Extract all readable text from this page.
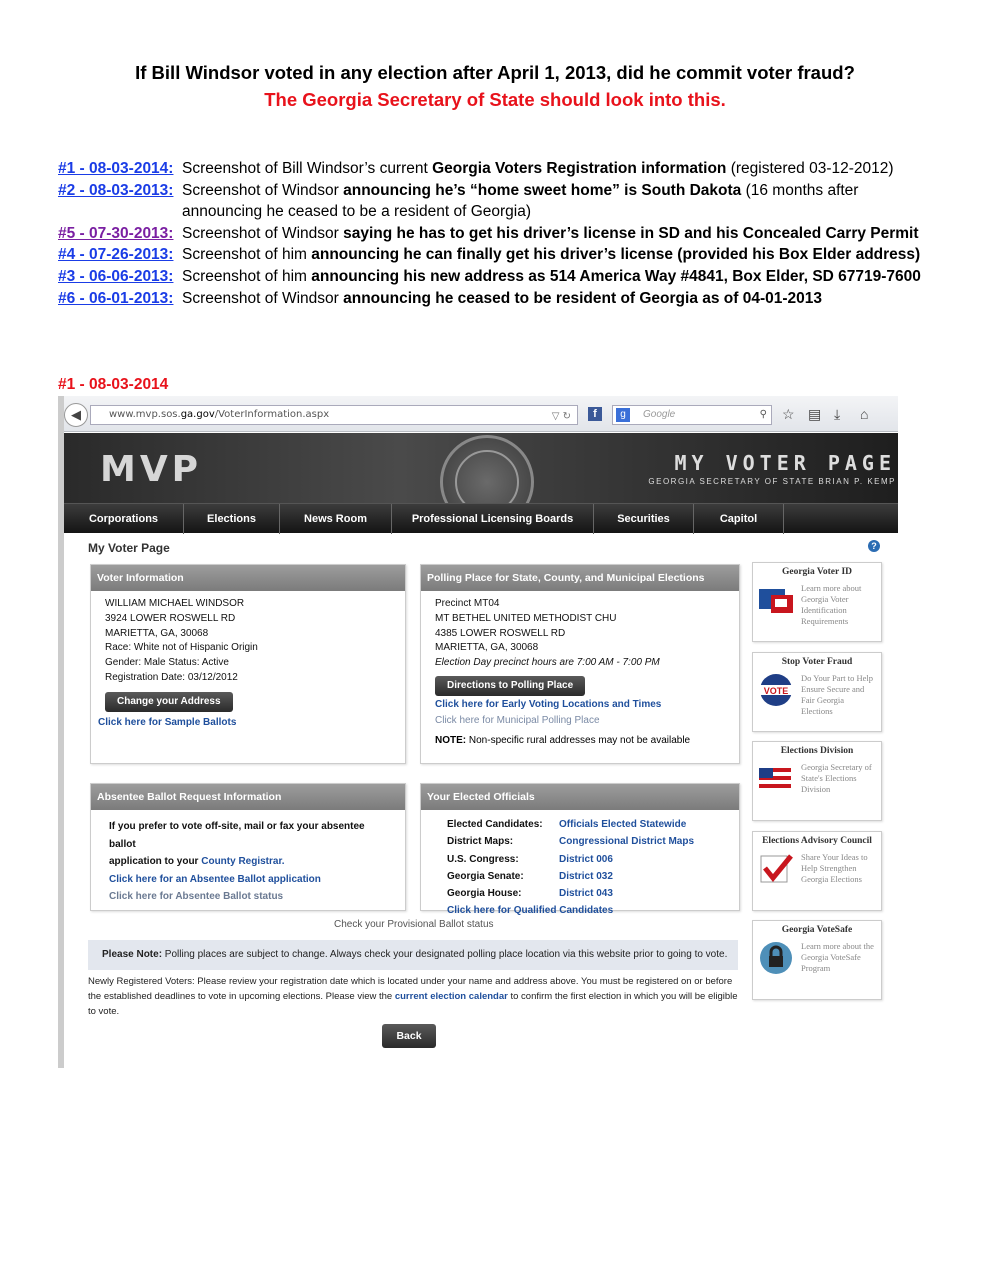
If Bill Windsor voted in any election after April 1, 2013, did he commit voter fraud?
The Georgia Secretary of State should look into this.
#1 - 08-03-2014: Screenshot of Bill Windsor’s current Georgia Voters Registration information (registered 03-12-2012)
#2 - 08-03-2013: Screenshot of Windsor announcing he’s “home sweet home” is South Dakota (16 months after
announcing he ceased to be a resident of Georgia)
#5 - 07-30-2013: Screenshot of Windsor saying he has to get his driver’s license in SD and his Concealed Carry Permit
#4 - 07-26-2013: Screenshot of him announcing he can finally get his driver’s license (provided his Box Elder address)
#3 - 06-06-2013: Screenshot of him announcing his new address as 514 America Way #4841, Box Elder, SD 67719-7600
#6 - 06-01-2013: Screenshot of Windsor announcing he ceased to be resident of Georgia as of 04-01-2013
#1 - 08-03-2014
◀	www.mvp.sos.ga.gov/VoterInformation.aspx	▽ ↻	f	g	Google	⚲ ☆ ▤ ⤓ ⌂
MVP	MY VOTER PAGE
GEORGIA SECRETARY OF STATE BRIAN P. KEMP
Corporations	Elections	News Room	Professional Licensing Boards	Securities	Capitol
My Voter Page	?
Voter Information
WILLIAM MICHAEL WINDSOR
3924 LOWER ROSWELL RD
MARIETTA, GA, 30068
Race: White not of Hispanic Origin
Gender: Male Status: Active
Registration Date: 03/12/2012
Change your Address
Click here for Sample Ballots
Polling Place for State, County, and Municipal Elections
Precinct MT04
MT BETHEL UNITED METHODIST CHU
4385 LOWER ROSWELL RD
MARIETTA, GA, 30068
Election Day precinct hours are 7:00 AM - 7:00 PM
Directions to Polling Place
Click here for Early Voting Locations and Times
Click here for Municipal Polling Place
NOTE: Non-specific rural addresses may not be available
Absentee Ballot Request Information
If you prefer to vote off-site, mail or fax your absentee ballot
application to your County Registrar.
Click here for an Absentee Ballot application
Click here for Absentee Ballot status
Your Elected Officials
Elected Candidates:	Officials Elected Statewide
District Maps:	Congressional District Maps
U.S. Congress:	District 006
Georgia Senate:	District 032
Georgia House:	District 043
Click here for Qualified Candidates
Georgia Voter ID
Learn more about Georgia Voter Identification Requirements
Stop Voter Fraud
VOTE
Do Your Part to Help Ensure Secure and Fair Georgia Elections
Elections Division
Georgia Secretary of State's Elections Division
Elections Advisory Council
Share Your Ideas to Help Strengthen Georgia Elections
Georgia VoteSafe
Learn more about the Georgia VoteSafe Program
Check your Provisional Ballot status
Please Note: Polling places are subject to change. Always check your designated polling place location via this website prior to going to vote.
Newly Registered Voters: Please review your registration date which is located under your name and address above. You must be registered on or before the established deadlines to vote in upcoming elections. Please view the current election calendar to confirm the first election in which you will be eligible to vote.
Back
